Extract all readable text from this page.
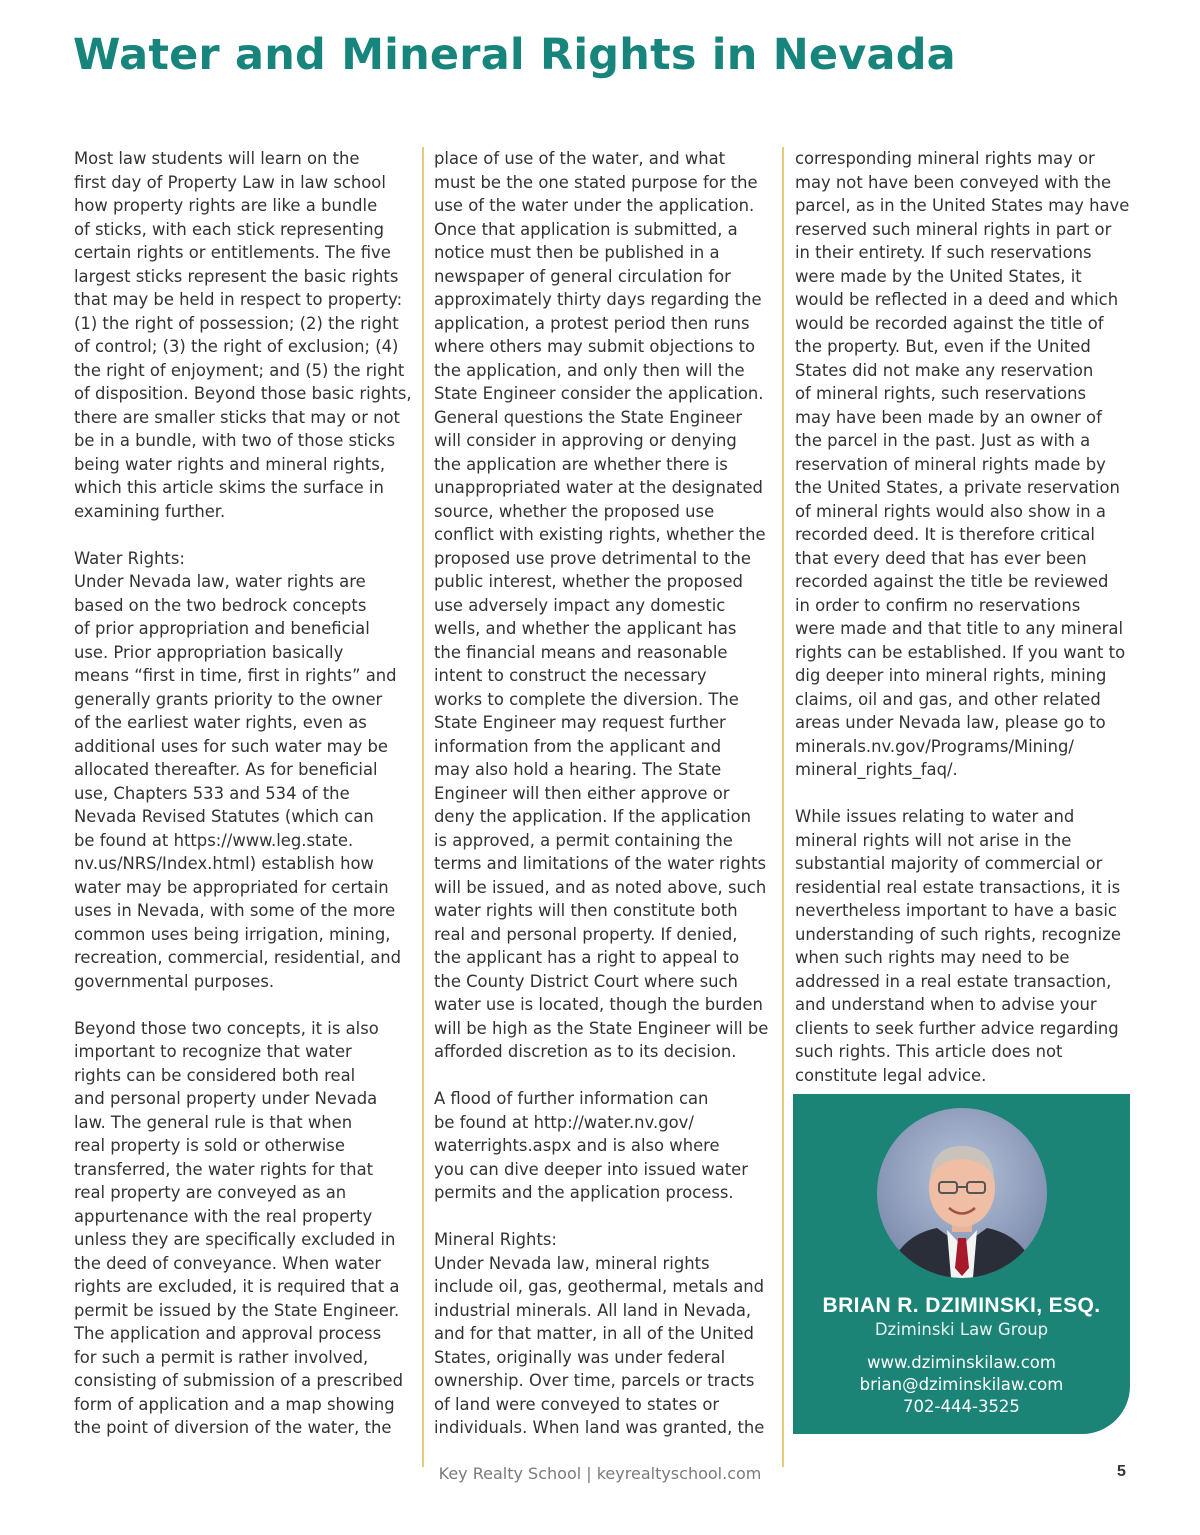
Water and Mineral Rights in Nevada

Most law students will learn on the
first day of Property Law in law school
how property rights are like a bundle
of sticks, with each stick representing
certain rights or entitlements. The five
largest sticks represent the basic rights
that may be held in respect to property:
(1) the right of possession; (2) the right
of control; (3) the right of exclusion; (4)
the right of enjoyment; and (5) the right
of disposition. Beyond those basic rights,
there are smaller sticks that may or not
be in a bundle, with two of those sticks
being water rights and mineral rights,
which this article skims the surface in
examining further.

Water Rights:
Under Nevada law, water rights are
based on the two bedrock concepts
of prior appropriation and beneficial
use. Prior appropriation basically
means “first in time, first in rights” and
generally grants priority to the owner
of the earliest water rights, even as
additional uses for such water may be
allocated thereafter. As for beneficial
use, Chapters 533 and 534 of the
Nevada Revised Statutes (which can
be found at https://www.leg.state.
nv.us/NRS/Index.html) establish how
water may be appropriated for certain
uses in Nevada, with some of the more
common uses being irrigation, mining,
recreation, commercial, residential, and
governmental purposes.

Beyond those two concepts, it is also
important to recognize that water
rights can be considered both real
and personal property under Nevada
law. The general rule is that when
real property is sold or otherwise
transferred, the water rights for that
real property are conveyed as an
appurtenance with the real property
unless they are specifically excluded in
the deed of conveyance. When water
rights are excluded, it is required that a
permit be issued by the State Engineer.
The application and approval process
for such a permit is rather involved,
consisting of submission of a prescribed
form of application and a map showing
the point of diversion of the water, the

place of use of the water, and what
must be the one stated purpose for the
use of the water under the application.
Once that application is submitted, a
notice must then be published in a
newspaper of general circulation for
approximately thirty days regarding the
application, a protest period then runs
where others may submit objections to
the application, and only then will the
State Engineer consider the application.
General questions the State Engineer
will consider in approving or denying
the application are whether there is
unappropriated water at the designated
source, whether the proposed use
conflict with existing rights, whether the
proposed use prove detrimental to the
public interest, whether the proposed
use adversely impact any domestic
wells, and whether the applicant has
the financial means and reasonable
intent to construct the necessary
works to complete the diversion. The
State Engineer may request further
information from the applicant and
may also hold a hearing. The State
Engineer will then either approve or
deny the application. If the application
is approved, a permit containing the
terms and limitations of the water rights
will be issued, and as noted above, such
water rights will then constitute both
real and personal property. If denied,
the applicant has a right to appeal to
the County District Court where such
water use is located, though the burden
will be high as the State Engineer will be
afforded discretion as to its decision.

A flood of further information can
be found at http://water.nv.gov/
waterrights.aspx and is also where
you can dive deeper into issued water
permits and the application process.

Mineral Rights:
Under Nevada law, mineral rights
include oil, gas, geothermal, metals and
industrial minerals. All land in Nevada,
and for that matter, in all of the United
States, originally was under federal
ownership. Over time, parcels or tracts
of land were conveyed to states or
individuals. When land was granted, the

corresponding mineral rights may or
may not have been conveyed with the
parcel, as in the United States may have
reserved such mineral rights in part or
in their entirety. If such reservations
were made by the United States, it
would be reflected in a deed and which
would be recorded against the title of
the property. But, even if the United
States did not make any reservation
of mineral rights, such reservations
may have been made by an owner of
the parcel in the past. Just as with a
reservation of mineral rights made by
the United States, a private reservation
of mineral rights would also show in a
recorded deed. It is therefore critical
that every deed that has ever been
recorded against the title be reviewed
in order to confirm no reservations
were made and that title to any mineral
rights can be established. If you want to
dig deeper into mineral rights, mining
claims, oil and gas, and other related
areas under Nevada law, please go to
minerals.nv.gov/Programs/Mining/
mineral_rights_faq/.

While issues relating to water and
mineral rights will not arise in the
substantial majority of commercial or
residential real estate transactions, it is
nevertheless important to have a basic
understanding of such rights, recognize
when such rights may need to be
addressed in a real estate transaction,
and understand when to advise your
clients to seek further advice regarding
such rights. This article does not
constitute legal advice.

BRIAN R. DZIMINSKI, ESQ.
Dziminski Law Group
www.dziminskilaw.com
brian@dziminskilaw.com
702-444-3525
Key Realty School | keyrealtyschool.com	5
